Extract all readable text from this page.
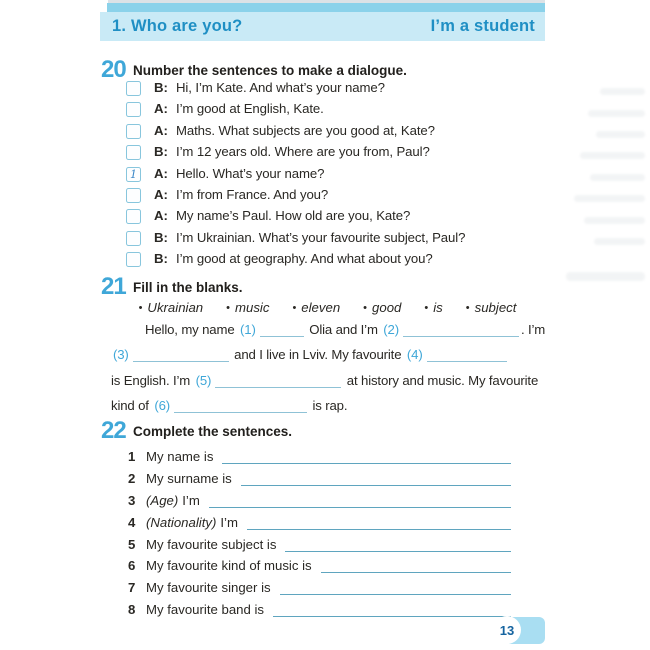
1. Who are you?	I’m a student
20 Number the sentences to make a dialogue.
B: Hi, I’m Kate. And what’s your name?
A: I’m good at English, Kate.
A: Maths. What subjects are you good at, Kate?
B: I’m 12 years old. Where are you from, Paul?
1	A: Hello. What’s your name?
A: I’m from France. And you?
A: My name’s Paul. How old are you, Kate?
B: I’m Ukrainian. What’s your favourite subject, Paul?
B: I’m good at geography. And what about you?
21 Fill in the blanks.
• Ukrainian • music • eleven • good • is • subject
Hello, my name (1)	Olia and I’m (2)	. I’m
(3)	and I live in Lviv. My favourite (4)
is English. I’m (5)	at history and music. My favourite
kind of (6)	is rap.
22 Complete the sentences.
1 My name is
2 My surname is
3 (Age) I’m
4 (Nationality) I’m
5 My favourite subject is
6 My favourite kind of music is
7 My favourite singer is
8 My favourite band is
13
